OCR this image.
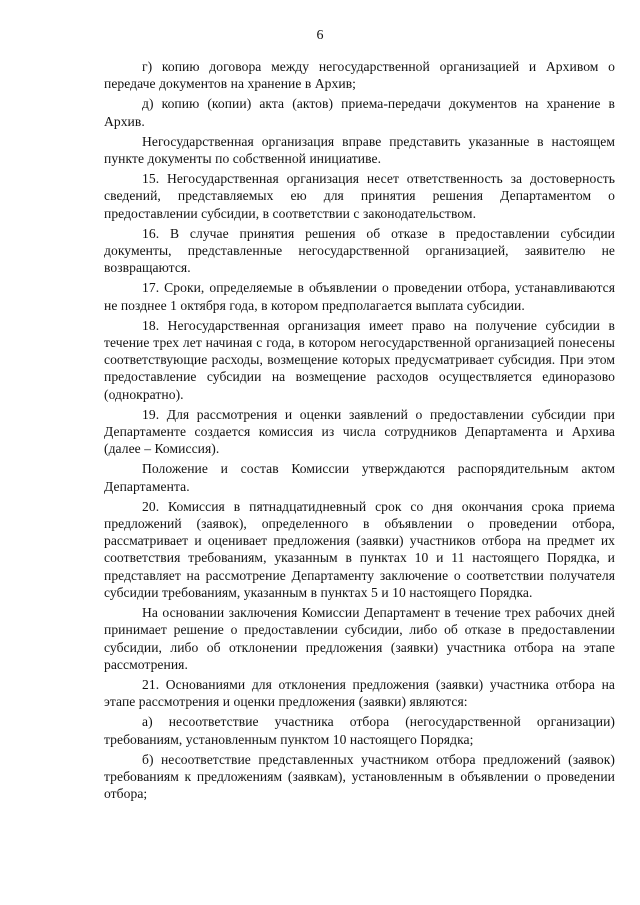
6

г) копию договора между негосударственной организацией и Архивом о передаче документов на хранение в Архив;

д) копию (копии) акта (актов) приема-передачи документов на хранение в Архив.

Негосударственная организация вправе представить указанные в настоящем пункте документы по собственной инициативе.

15. Негосударственная организация несет ответственность за достоверность сведений, представляемых ею для принятия решения Департаментом о предоставлении субсидии, в соответствии с законодательством.

16. В случае принятия решения об отказе в предоставлении субсидии документы, представленные негосударственной организацией, заявителю не возвращаются.

17. Сроки, определяемые в объявлении о проведении отбора, устанавливаются не позднее 1 октября года, в котором предполагается выплата субсидии.

18. Негосударственная организация имеет право на получение субсидии в течение трех лет начиная с года, в котором негосударственной организацией понесены соответствующие расходы, возмещение которых предусматривает субсидия. При этом предоставление субсидии на возмещение расходов осуществляется единоразово (однократно).

19. Для рассмотрения и оценки заявлений о предоставлении субсидии при Департаменте создается комиссия из числа сотрудников Департамента и Архива (далее – Комиссия).

Положение и состав Комиссии утверждаются распорядительным актом Департамента.

20. Комиссия в пятнадцатидневный срок со дня окончания срока приема предложений (заявок), определенного в объявлении о проведении отбора, рассматривает и оценивает предложения (заявки) участников отбора на предмет их соответствия требованиям, указанным в пунктах 10 и 11 настоящего Порядка, и представляет на рассмотрение Департаменту заключение о соответствии получателя субсидии требованиям, указанным в пунктах 5 и 10 настоящего Порядка.

На основании заключения Комиссии Департамент в течение трех рабочих дней принимает решение о предоставлении субсидии, либо об отказе в предоставлении субсидии, либо об отклонении предложения (заявки) участника отбора на этапе рассмотрения.

21. Основаниями для отклонения предложения (заявки) участника отбора на этапе рассмотрения и оценки предложения (заявки) являются:

а) несоответствие участника отбора (негосударственной организации) требованиям, установленным пунктом 10 настоящего Порядка;

б) несоответствие представленных участником отбора предложений (заявок) требованиям к предложениям (заявкам), установленным в объявлении о проведении отбора;
